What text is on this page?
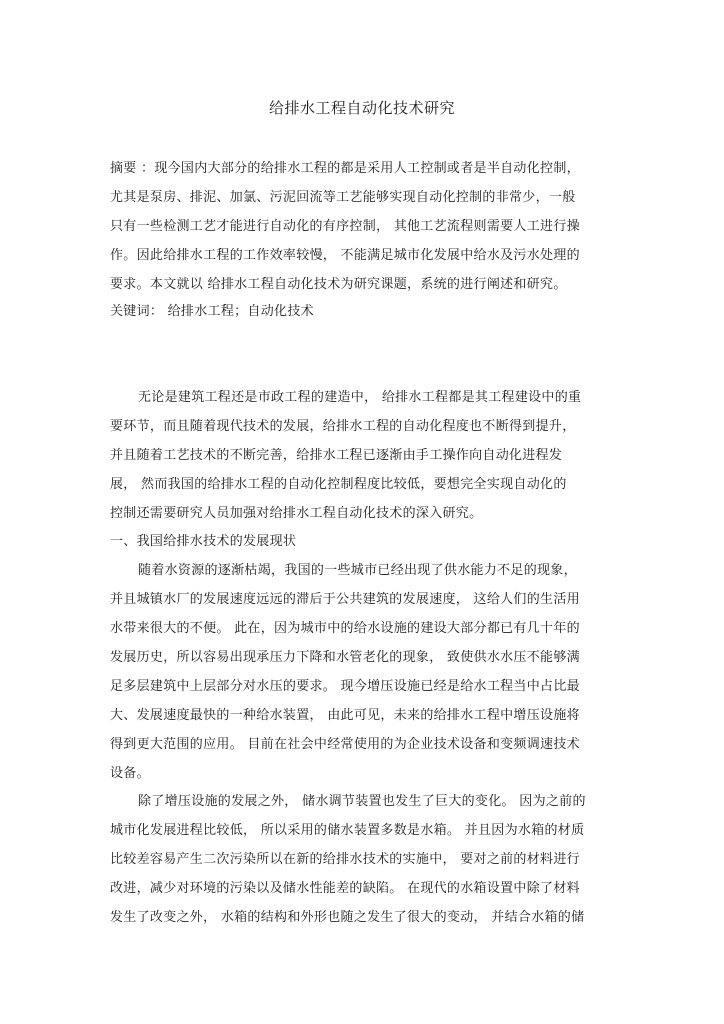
给排水工程自动化技术研究
摘要 ：现今国内大部分的给排水工程的都是采用人工控制或者是半自动化控制，
尤其是泵房、排泥、加氯、污泥回流等工艺能够实现自动化控制的非常少，一般
只有一些检测工艺才能进行自动化的有序控制， 其他工艺流程则需要人工进行操
作。因此给排水工程的工作效率较慢， 不能满足城市化发展中给水及污水处理的
要求。本文就以 给排水工程自动化技术为研究课题，系统的进行阐述和研究。
关键词： 给排水工程；自动化技术
无论是建筑工程还是市政工程的建造中， 给排水工程都是其工程建设中的重
要环节，而且随着现代技术的发展，给排水工程的自动化程度也不断得到提升，
并且随着工艺技术的不断完善，给排水工程已逐渐由手工操作向自动化进程发
展， 然而我国的给排水工程的自动化控制程度比较低，要想完全实现自动化的
控制还需要研究人员加强对给排水工程自动化技术的深入研究。
一、我国给排水技术的发展现状
随着水资源的逐渐枯竭，我国的一些城市已经出现了供水能力不足的现象，
并且城镇水厂的发展速度远远的滞后于公共建筑的发展速度， 这给人们的生活用
水带来很大的不便。 此在，因为城市中的给水设施的建设大部分都已有几十年的
发展历史，所以容易出现承压力下降和水管老化的现象， 致使供水水压不能够满
足多层建筑中上层部分对水压的要求。 现今增压设施已经是给水工程当中占比最
大、发展速度最快的一种给水装置， 由此可见，未来的给排水工程中增压设施将
得到更大范围的应用。 目前在社会中经常使用的为企业技术设备和变频调速技术
设备。
除了增压设施的发展之外， 储水调节装置也发生了巨大的变化。 因为之前的
城市化发展进程比较低， 所以采用的储水装置多数是水箱。 并且因为水箱的材质
比较差容易产生二次污染所以在新的给排水技术的实施中， 要对之前的材料进行
改进，减少对环境的污染以及储水性能差的缺陷。 在现代的水箱设置中除了材料
发生了改变之外， 水箱的结构和外形也随之发生了很大的变动， 并结合水箱的储
